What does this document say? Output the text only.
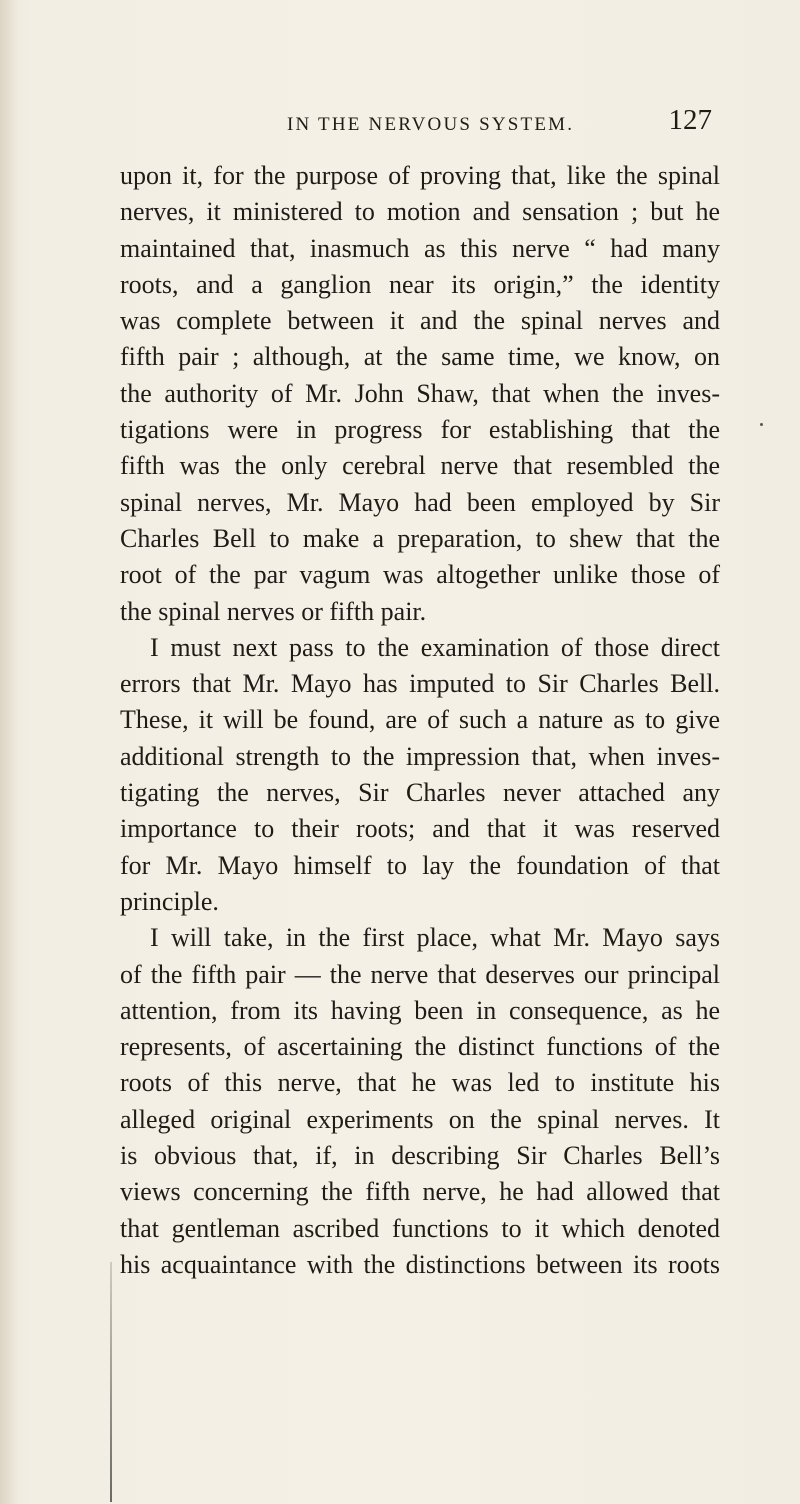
IN THE NERVOUS SYSTEM.	127
upon it, for the purpose of proving that, like the spinal
nerves, it ministered to motion and sensation ; but he
maintained that, inasmuch as this nerve “ had many
roots, and a ganglion near its origin,” the identity
was complete between it and the spinal nerves and
fifth pair ; although, at the same time, we know, on
the authority of Mr. John Shaw, that when the inves-
tigations were in progress for establishing that the
fifth was the only cerebral nerve that resembled the
spinal nerves, Mr. Mayo had been employed by Sir
Charles Bell to make a preparation, to shew that the
root of the par vagum was altogether unlike those of
the spinal nerves or fifth pair.
I must next pass to the examination of those direct
errors that Mr. Mayo has imputed to Sir Charles Bell.
These, it will be found, are of such a nature as to give
additional strength to the impression that, when inves-
tigating the nerves, Sir Charles never attached any
importance to their roots; and that it was reserved
for Mr. Mayo himself to lay the foundation of that
principle.
I will take, in the first place, what Mr. Mayo says
of the fifth pair — the nerve that deserves our principal
attention, from its having been in consequence, as he
represents, of ascertaining the distinct functions of the
roots of this nerve, that he was led to institute his
alleged original experiments on the spinal nerves. It
is obvious that, if, in describing Sir Charles Bell’s
views concerning the fifth nerve, he had allowed that
that gentleman ascribed functions to it which denoted
his acquaintance with the distinctions between its roots
